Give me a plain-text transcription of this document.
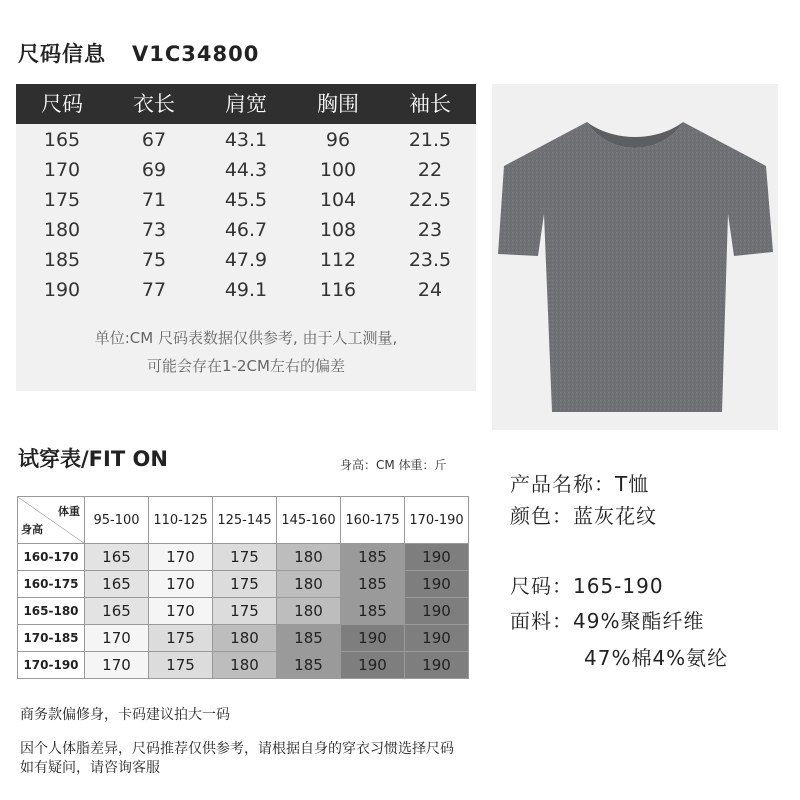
尺码信息 V1C34800
尺码	衣长	肩宽	胸围	袖长
165	67	43.1	96	21.5
170	69	44.3	100	22
175	71	45.5	104	22.5
180	73	46.7	108	23
185	75	47.9	112	23.5
190	77	49.1	116	24
单位:CM 尺码表数据仅供参考, 由于人工测量,
可能会存在1-2CM左右的偏差
试穿表/FIT ON	身高：CM 体重：斤
体重
身高	95-100	110-125	125-145	145-160	160-175	170-190
160-170	165	170	175	180	185	190
160-175	165	170	175	180	185	190
165-180	165	170	175	180	185	190
170-185	170	175	180	185	190	190
170-190	170	175	180	185	190	190
产品名称：T恤
颜色：蓝灰花纹
尺码：165-190
面料：49%聚酯纤维
47%棉4%氨纶
商务款偏修身，卡码建议拍大一码
因个人体脂差异，尺码推荐仅供参考，请根据自身的穿衣习惯选择尺码
如有疑问，请咨询客服
